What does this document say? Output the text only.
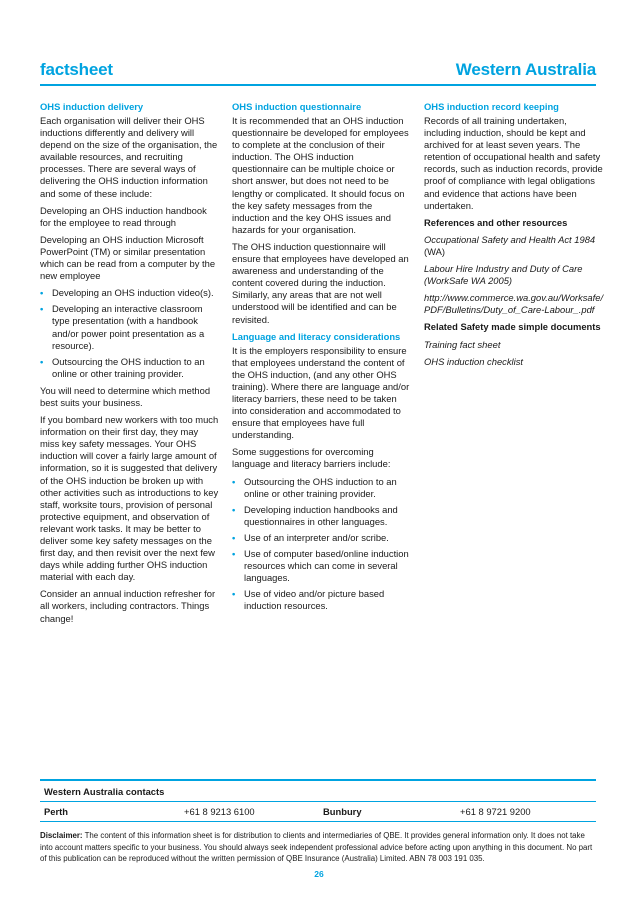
factsheet	Western Australia
OHS induction delivery

Each organisation will deliver their OHS inductions differently and delivery will depend on the size of the organisation, the available resources, and recruiting processes. There are several ways of delivering the OHS induction information and some of these include:

Developing an OHS induction handbook for the employee to read through

Developing an OHS induction Microsoft PowerPoint (TM) or similar presentation which can be read from a computer by the new employee

• Developing an OHS induction video(s).
• Developing an interactive classroom type presentation (with a handbook and/or power point presentation as a resource).
• Outsourcing the OHS induction to an online or other training provider.

You will need to determine which method best suits your business.

If you bombard new workers with too much information on their first day, they may miss key safety messages. Your OHS induction will cover a fairly large amount of information, so it is suggested that delivery of the OHS induction be broken up with other activities such as introductions to key staff, worksite tours, provision of personal protective equipment, and observation of relevant work tasks. It may be better to deliver some key safety messages on the first day, and then revisit over the next few days while adding further OHS induction material with each day.

Consider an annual induction refresher for all workers, including contractors. Things change!

OHS induction questionnaire

It is recommended that an OHS induction questionnaire be developed for employees to complete at the conclusion of their induction. The OHS induction questionnaire can be multiple choice or short answer, but does not need to be lengthy or complicated. It should focus on the key safety messages from the induction and the key OHS issues and hazards for your organisation.

The OHS induction questionnaire will ensure that employees have developed an awareness and understanding of the content covered during the induction. Similarly, any areas that are not well understood will be identified and can be revisited.

Language and literacy considerations

It is the employers responsibility to ensure that employees understand the content of the OHS induction, (and any other OHS training). Where there are language and/or literacy barriers, these need to be taken into consideration and accommodated to ensure that employees have full understanding.

Some suggestions for overcoming language and literacy barriers include:

• Outsourcing the OHS induction to an online or other training provider.
• Developing induction handbooks and questionnaires in other languages.
• Use of an interpreter and/or scribe.
• Use of computer based/online induction resources which can come in several languages.
• Use of video and/or picture based induction resources.
OHS induction record keeping

Records of all training undertaken, including induction, should be kept and archived for at least seven years. The retention of occupational health and safety records, such as induction records, provide proof of compliance with legal obligations and evidence that actions have been undertaken.

References and other resources

Occupational Safety and Health Act 1984 (WA)

Labour Hire Industry and Duty of Care (WorkSafe WA 2005)

http://www.commerce.wa.gov.au/Worksafe/PDF/Bulletins/Duty_of_Care-Labour_.pdf

Related Safety made simple documents

Training fact sheet

OHS induction checklist

Western Australia contacts
Perth	+61 8 9213 6100	Bunbury	+61 8 9721 9200
Disclaimer: The content of this information sheet is for distribution to clients and intermediaries of QBE. It provides general information only. It does not take into account matters specific to your business. You should always seek independent professional advice before acting upon anything in this document. No part of this publication can be reproduced without the written permission of QBE Insurance (Australia) Limited. ABN 78 003 191 035.
26
